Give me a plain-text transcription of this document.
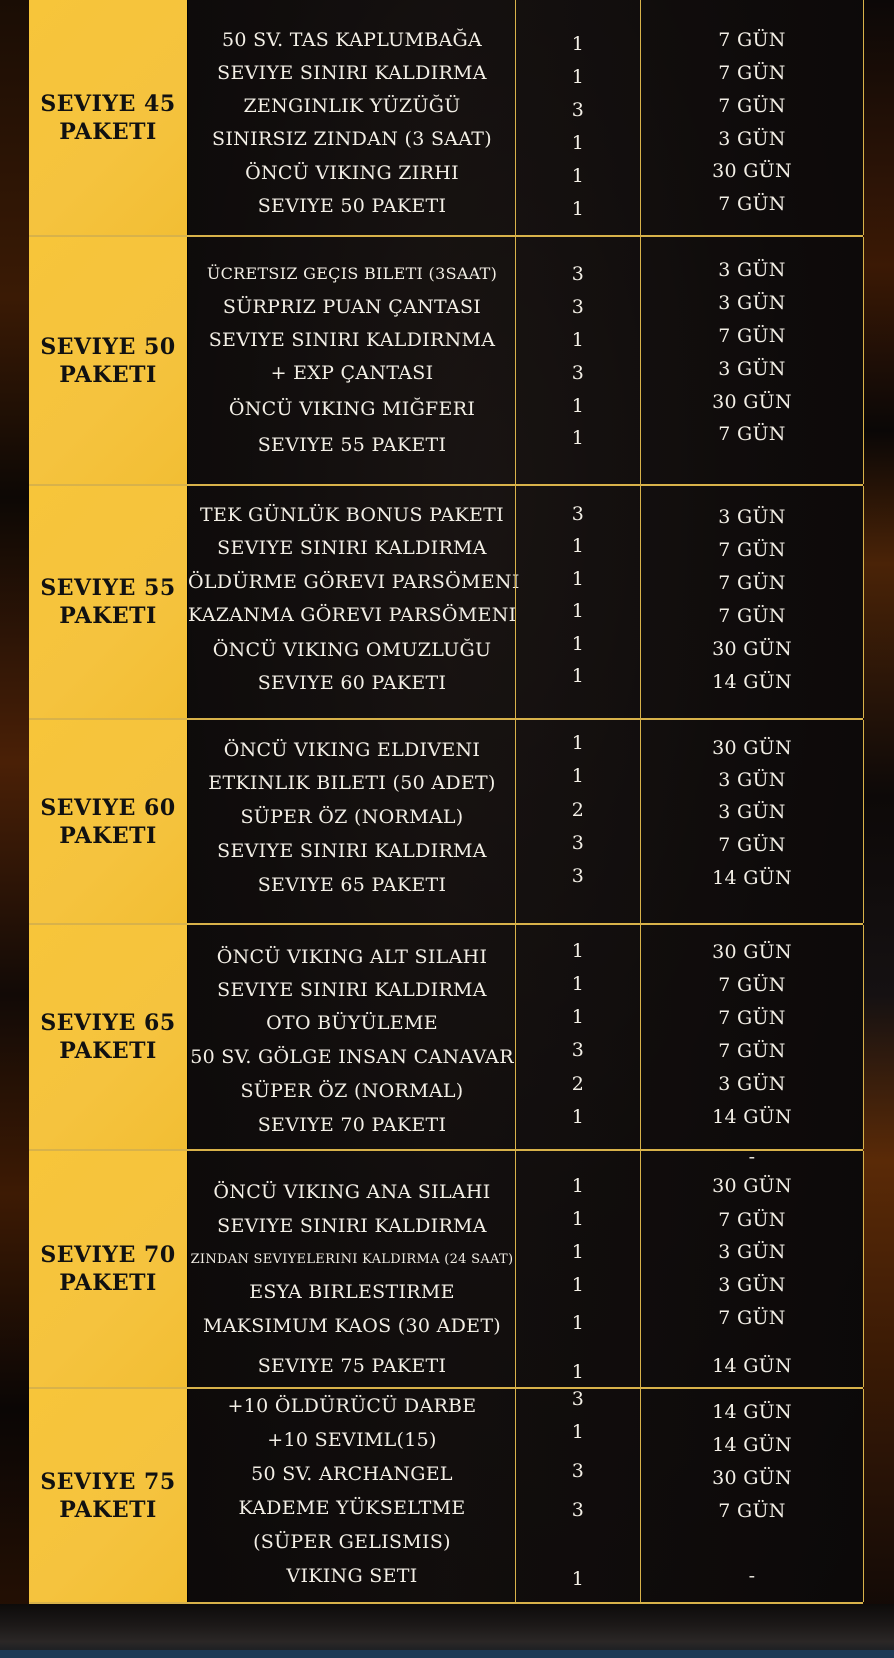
SEVIYE 45
PAKETI
50 SV. TAS KAPLUMBAĞA
SEVIYE SINIRI KALDIRMA
ZENGINLIK YÜZÜĞÜ
SINIRSIZ ZINDAN (3 SAAT)
ÖNCÜ VIKING ZIRHI
SEVIYE 50 PAKETI
1
1
3
1
1
1
7 GÜN
7 GÜN
7 GÜN
3 GÜN
30 GÜN
7 GÜN
SEVIYE 50
PAKETI
ÜCRETSIZ GEÇIS BILETI (3SAAT)
SÜRPRIZ PUAN ÇANTASI
SEVIYE SINIRI KALDIRNMA
+ EXP ÇANTASI
ÖNCÜ VIKING MIĞFERI
SEVIYE 55 PAKETI
3
3
1
3
1
1
3 GÜN
3 GÜN
7 GÜN
3 GÜN
30 GÜN
7 GÜN
SEVIYE 55
PAKETI
TEK GÜNLÜK BONUS PAKETI
SEVIYE SINIRI KALDIRMA
ÖLDÜRME GÖREVI PARSÖMENI
KAZANMA GÖREVI PARSÖMENI
ÖNCÜ VIKING OMUZLUĞU
SEVIYE 60 PAKETI
3
1
1
1
1
1
3 GÜN
7 GÜN
7 GÜN
7 GÜN
30 GÜN
14 GÜN
SEVIYE 60
PAKETI
ÖNCÜ VIKING ELDIVENI
ETKINLIK BILETI (50 ADET)
SÜPER ÖZ (NORMAL)
SEVIYE SINIRI KALDIRMA
SEVIYE 65 PAKETI
1
1
2
3
3
30 GÜN
3 GÜN
3 GÜN
7 GÜN
14 GÜN
SEVIYE 65
PAKETI
ÖNCÜ VIKING ALT SILAHI
SEVIYE SINIRI KALDIRMA
OTO BÜYÜLEME
50 SV. GÖLGE INSAN CANAVAR
SÜPER ÖZ (NORMAL)
SEVIYE 70 PAKETI
1
1
1
3
2
1
30 GÜN
7 GÜN
7 GÜN
7 GÜN
3 GÜN
14 GÜN
SEVIYE 70
PAKETI
ÖNCÜ VIKING ANA SILAHI
SEVIYE SINIRI KALDIRMA
ZINDAN SEVIYELERINI KALDIRMA (24 SAAT)
ESYA BIRLESTIRME
MAKSIMUM KAOS (30 ADET)
SEVIYE 75 PAKETI
1
1
1
1
1
1
-
30 GÜN
7 GÜN
3 GÜN
3 GÜN
7 GÜN
14 GÜN
SEVIYE 75
PAKETI
+10 ÖLDÜRÜCÜ DARBE
+10 SEVIML(15)
50 SV. ARCHANGEL
KADEME YÜKSELTME
(SÜPER GELISMIS)
VIKING SETI
3
1
3
3
1
14 GÜN
14 GÜN
30 GÜN
7 GÜN
-
